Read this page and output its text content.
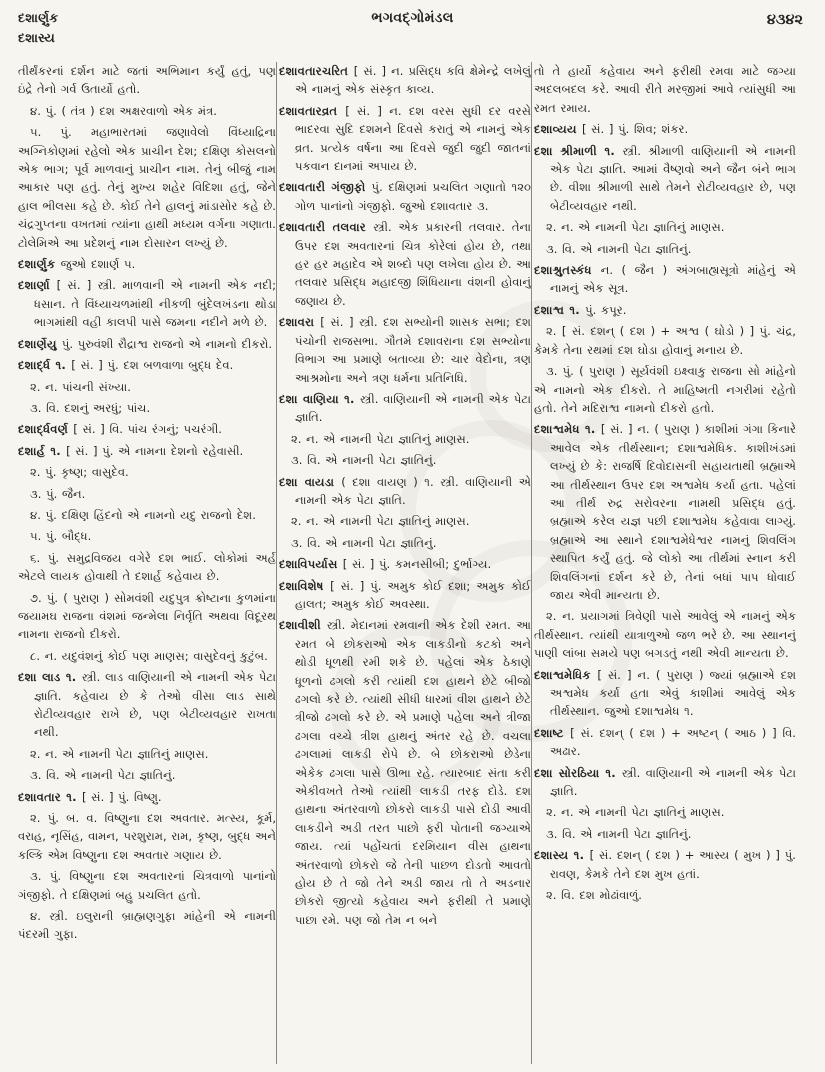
દશાર્ણુક
દશાસ્ય
ભગવદ્ગોમંડલ	૪૩૪૨

તીર્થંકરનાં દર્શન માટે જતાં અભિમાન કર્યું હતું, પણ ઇંદ્રે તેનો ગર્વ ઉતાર્યો હતો.

૪. પું. ( તંત્ર ) દશ અક્ષરવાળો એક મંત્ર.

૫. પું. મહાભારતમાં જણાવેલો વિંધ્યાદ્રિના અગ્નિકોણમાં રહેલો એક પ્રાચીન દેશ; દક્ષિણ કોસલનો એક ભાગ; પૂર્વ માળવાનું પ્રાચીન નામ. તેનું બીજું નામ આકાર પણ હતું. તેનું મુખ્ય શહેર વિદિશા હતું, જેને હાલ ભીલસા કહે છે. કોઈ તેને હાલનું માંડાસોર કહે છે. ચંદ્રગુપ્તના વખતમાં ત્યાંના હાથી મધ્યમ વર્ગના ગણાતા. ટોલેમિએ આ પ્રદેશનું નામ દોસારન લખ્યું છે.

દશાર્ણુક જુઓ દશાર્ણ ૫.

દશાર્ણા [ સં. ] સ્ત્રી. માળવાની એ નામની એક નદી; ધસાન. તે વિંધ્યાચળમાંથી નીકળી બુંદેલખંડના થોડા ભાગમાંથી વહી કાલપી પાસે જમના નદીને મળે છે.

દશાર્ણેયુ પું. પુરુવંશી રૌદ્રાશ્વ રાજનો એ નામનો દીકરો.

દશાર્દ્ધ ૧. [ સં. ] પું. દશ બળવાળા બુદ્ધ દેવ.

૨. ન. પાંચની સંખ્યા.

૩. વિ. દશનું અરધું; પાંચ.

દશાર્દ્ધવર્ણ [ સં. ] વિ. પાંચ રંગનું; પચરંગી.

દશાર્હ ૧. [ સં. ] પું. એ નામના દેશનો રહેવાસી.

૨. પું. કૃષ્ણ; વાસુદેવ.

૩. પું. જૈન.

૪. પું. દક્ષિણ હિંદનો એ નામનો યદુ રાજનો દેશ.

૫. પું. બૌદ્ધ.

૬. પું. સમુદ્રવિજય વગેરે દશ ભાઈ. લોકોમાં અર્હ એટલે લાયક હોવાથી તે દશાર્હ કહેવાય છે.

૭. પું. ( પુરાણ ) સોમવંશી યદુપુત્ર ક્રોષ્ટાના કુળમાંના જયામઘ રાજના વંશમાં જન્મેલા નિર્વૃતિ અથવા વિદૂરથ નામના રાજનો દીકરો.

૮. ન. યદુવંશનું કોઈ પણ માણસ; વાસુદેવનું કુટુંબ.

દશા લાડ ૧. સ્ત્રી. લાડ વાણિયાની એ નામની એક પેટા જ્ઞાતિ. કહેવાય છે કે તેઓ વીસા લાડ સાથે રોટીવ્યવહાર રાખે છે, પણ બેટીવ્યવહાર રાખતા નથી.

૨. ન. એ નામની પેટા જ્ઞાતિનું માણસ.

૩. વિ. એ નામની પેટા જ્ઞાતિનું.

દશાવતાર ૧. [ સં. ] પું. વિષ્ણુ.

૨. પું. બ. વ. વિષ્ણુના દશ અવતાર. મત્સ્ય, કૂર્મ, વરાહ, નૃસિંહ, વામન, પરશુરામ, રામ, કૃષ્ણ, બુદ્ધ અને કલ્કિ એમ વિષ્ણુના દશ અવતાર ગણાય છે.

૩. પું. વિષ્ણુના દશ અવતારનાં ચિત્રવાળો પાનાંનો ગંજીફો. તે દક્ષિણમાં બહુ પ્રચલિત હતો.

૪. સ્ત્રી. ઇલુરાની બ્રાહ્મણગુફા માંહેની એ નામની પંદરમી ગુફા.

દશાવતારચરિત [ સં. ] ન. પ્રસિદ્ધ કવિ ક્ષેમેન્દ્રે લખેલું એ નામનું એક સંસ્કૃત કાવ્ય.

દશાવતારવ્રત [ સં. ] ન. દશ વરસ સુધી દર વરસે ભાદરવા સુદિ દશમને દિવસે કરાતું એ નામનું એક વ્રત. પ્રત્યેક વર્ષના આ દિવસે જુદી જુદી જાતનાં પકવાન દાનમાં અપાય છે.

દશાવતારી ગંજીફો પું. દક્ષિણમાં પ્રચલિત ગણાતો ૧૨૦ ગોળ પાનાંનો ગંજીફો. જુઓ દશાવતાર ૩.

દશાવતારી તલવાર સ્ત્રી. એક પ્રકારની તલવાર. તેના ઉપર દશ અવતારનાં ચિત્ર કોરેલાં હોય છે, તથા હર હર મહાદેવ એ શબ્દો પણ લખેલા હોય છે. આ તલવાર પ્રસિદ્ધ મહાદજી શિંધિયાના વંશની હોવાનું જણાય છે.

દશાવરા [ સં. ] સ્ત્રી. દશ સભ્યોની શાસક સભા; દશ પંચોની રાજસભા. ગૌતમે દશાવરાના દશ સભ્યોના વિભાગ આ પ્રમાણે બતાવ્યા છે: ચાર વેદોના, ત્રણ આશ્રમોના અને ત્રણ ધર્મના પ્રતિનિધિ.

દશા વાણિયા ૧. સ્ત્રી. વાણિયાની એ નામની એક પેટા જ્ઞાતિ.

૨. ન. એ નામની પેટા જ્ઞાતિનું માણસ.

૩. વિ. એ નામની પેટા જ્ઞાતિનું.

દશા વાયડા ( દશા વાયણ ) ૧. સ્ત્રી. વાણિયાની એ નામની એક પેટા જ્ઞાતિ.

૨. ન. એ નામની પેટા જ્ઞાતિનું માણસ.

૩. વિ. એ નામની પેટા જ્ઞાતિનું.

દશાવિપર્યાસ [ સં. ] પું. કમનસીબી; દુર્ભાગ્ય.

દશાવિશેષ [ સં. ] પું. અમુક કોઈ દશા; અમુક કોઈ હાલત; અમુક કોઈ અવસ્થા.

દશાવીશી સ્ત્રી. મેદાનમાં રમવાની એક દેશી રમત. આ રમત બે છોકરાઓ એક લાકડીનો કટકો અને થોડી ધૂળથી રમી શકે છે. પહેલાં એક ઠેકાણે ધૂળનો ઢગલો કરી ત્યાંથી દશ હાથને છેટે બીજો ઢગલો કરે છે. ત્યાંથી સીધી ધારમાં વીશ હાથને છેટે ત્રીજો ઢગલો કરે છે. એ પ્રમાણે પહેલા અને ત્રીજા ઢગલા વચ્ચે ત્રીશ હાથનું અંતર રહે છે. વચલા ઢગલામાં લાકડી રોપે છે. બે છોકરાઓ છેડેના એકેક ઢગલા પાસે ઊભા રહે. ત્યારબાદ સંતા કરી એકીવખતે તેઓ ત્યાંથી લાકડી તરફ દોડે. દશ હાથના અંતરવાળો છોકરો લાકડી પાસે દોડી આવી લાકડીને અડી તરત પાછો ફરી પોતાની જગ્યાએ જાય. ત્યાં પહોંચતાં દરમિયાન વીસ હાથના અંતરવાળો છોકરો જે તેની પાછળ દોડતો આવતો હોય છે તે જો તેને અડી જાય તો તે અડનાર છોકરો જીત્યો કહેવાય અને ફરીથી તે પ્રમાણે પાછા રમે. પણ જો તેમ ન બને

તો તે હાર્યો કહેવાય અને ફરીથી રમવા માટે જગ્યા અદલબદલ કરે. આવી રીતે મરજીમાં આવે ત્યાંસુધી આ રમત રમાય.

દશાવ્યય [ સં. ] પું. શિવ; શંકર.

દશા શ્રીમાળી ૧. સ્ત્રી. શ્રીમાળી વાણિયાની એ નામની એક પેટા જ્ઞાતિ. આમાં વૈષ્ણવો અને જૈન બંને ભાગ છે. વીશા શ્રીમાળી સાથે તેમને રોટીવ્યવહાર છે, પણ બેટીવ્યવહાર નથી.

૨. ન. એ નામની પેટા જ્ઞાતિનું માણસ.

૩. વિ. એ નામની પેટા જ્ઞાતિનું.

દશાશ્રુતસ્કંધ ન. ( જૈન ) અંગબાહ્યસૂત્રો માંહેનું એ નામનું એક સૂત્ર.

દશાશ્વ ૧. પું. કપૂર.

૨. [ સં. દશન્ ( દશ ) + અશ્વ ( ઘોડો ) ] પું. ચંદ્ર, કેમકે તેના રથમાં દશ ઘોડા હોવાનું મનાય છે.

૩. પું. ( પુરાણ ) સૂર્યવંશી ઇક્ષ્વાકુ રાજના સો માંહેનો એ નામનો એક દીકરો. તે માહિષ્મતી નગરીમાં રહેતો હતો. તેને મદિરાશ્વ નામનો દીકરો હતો.

દશાશ્વમેધ ૧. [ સં. ] ન. ( પુરાણ ) કાશીમાં ગંગા કિનારે આવેલ એક તીર્થસ્થાન; દશાશ્વમેધિક. કાશીખંડમાં લખ્યું છે કે: રાજર્ષિ દિવોદાસની સહાયતાથી બ્રહ્માએ આ તીર્થસ્થાન ઉપર દશ અશ્વમેધ કર્યા હતા. પહેલાં આ તીર્થ રુદ્ર સરોવરના નામથી પ્રસિદ્ધ હતું. બ્રહ્માએ કરેલ યજ્ઞ પછી દશાશ્વમેધ કહેવાવા લાગ્યું. બ્રહ્માએ આ સ્થાને દશાશ્વમેધેશ્વર નામનું શિવલિંગ સ્થાપિત કર્યું હતું. જે લોકો આ તીર્થમાં સ્નાન કરી શિવલિંગનાં દર્શન કરે છે, તેનાં બધાં પાપ ધોવાઈ જાય એવી માન્યતા છે.

૨. ન. પ્રયાગમાં ત્રિવેણી પાસે આવેલું એ નામનું એક તીર્થસ્થાન. ત્યાંથી યાત્રાળુઓ જળ ભરે છે. આ સ્થાનનું પાણી લાંબા સમયે પણ બગડતું નથી એવી માન્યતા છે.

દશાશ્વમેધિક [ સં. ] ન. ( પુરાણ ) જ્યાં બ્રહ્માએ દશ અશ્વમેધ કર્યા હતા એવું કાશીમાં આવેલું એક તીર્થસ્થાન. જુઓ દશાશ્વમેધ ૧.

દશાષ્ટ [ સં. દશન્ ( દશ ) + અષ્ટન્ ( આઠ ) ] વિ. અઢાર.

દશા સોરઠિયા ૧. સ્ત્રી. વાણિયાની એ નામની એક પેટા જ્ઞાતિ.

૨. ન. એ નામની પેટા જ્ઞાતિનું માણસ.

૩. વિ. એ નામની પેટા જ્ઞાતિનું.

દશાસ્ય ૧. [ સં. દશન્ ( દશ ) + આસ્ય ( મુખ ) ] પું. રાવણ, કેમકે તેને દશ મુખ હતાં.

૨. વિ. દશ મોઢાંવાળું.
